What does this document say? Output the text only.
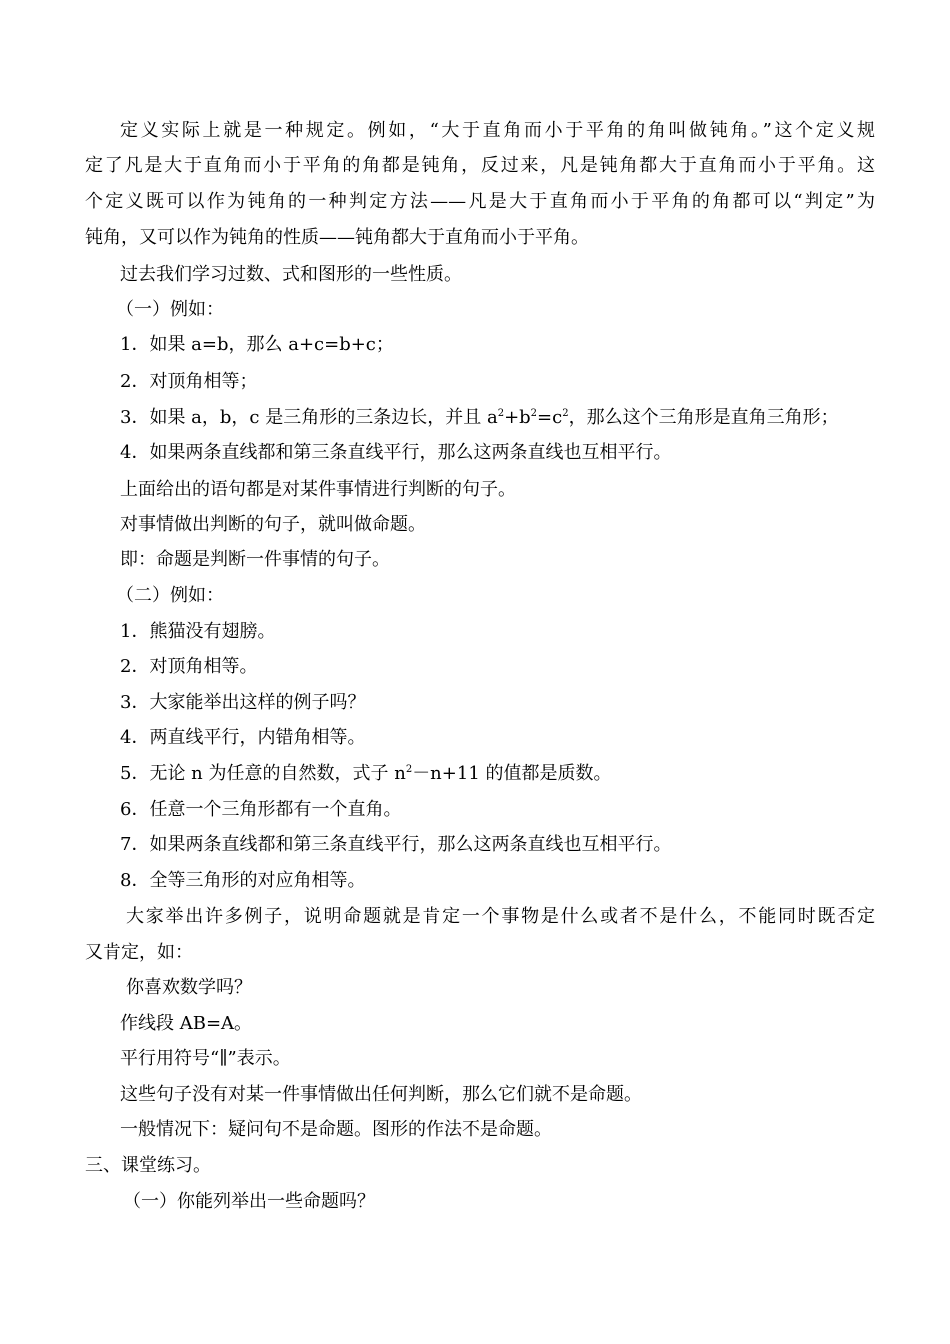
定义实际上就是一种规定。例如，“大于直角而小于平角的角叫做钝角。”这个定义规
定了凡是大于直角而小于平角的角都是钝角，反过来，凡是钝角都大于直角而小于平角。这
个定义既可以作为钝角的一种判定方法——凡是大于直角而小于平角的角都可以“判定”为
钝角，又可以作为钝角的性质——钝角都大于直角而小于平角。
过去我们学习过数、式和图形的一些性质。
（一）例如：
1．如果 a=b，那么 a+c=b+c；
2．对顶角相等；
3．如果 a，b，c 是三角形的三条边长，并且 $a^2+b^2=c^2$，那么这个三角形是直角三角形；
4．如果两条直线都和第三条直线平行，那么这两条直线也互相平行。
上面给出的语句都是对某件事情进行判断的句子。
对事情做出判断的句子，就叫做命题。
即：命题是判断一件事情的句子。
（二）例如：
1．熊猫没有翅膀。
2．对顶角相等。
3．大家能举出这样的例子吗？
4．两直线平行，内错角相等。
5．无论 n 为任意的自然数，式子 $n^2-n+11$ 的值都是质数。
6．任意一个三角形都有一个直角。
7．如果两条直线都和第三条直线平行，那么这两条直线也互相平行。
8．全等三角形的对应角相等。
大家举出许多例子，说明命题就是肯定一个事物是什么或者不是什么，不能同时既否定
又肯定，如：
你喜欢数学吗？
作线段 AB=A。
平行用符号“∥”表示。
这些句子没有对某一件事情做出任何判断，那么它们就不是命题。
一般情况下：疑问句不是命题。图形的作法不是命题。
三、课堂练习。
（一）你能列举出一些命题吗？
